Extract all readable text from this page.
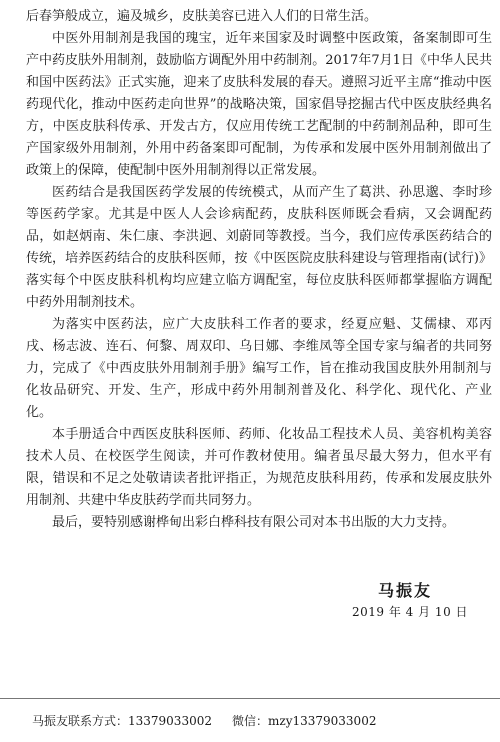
后春笋般成立，遍及城乡，皮肤美容已进入人们的日常生活。

中医外用制剂是我国的瑰宝，近年来国家及时调整中医政策，备案制即可生产中药皮肤外用制剂，鼓励临方调配外用中药制剂。2017年7月1日《中华人民共和国中医药法》正式实施，迎来了皮肤科发展的春天。遵照习近平主席“推动中医药现代化，推动中医药走向世界”的战略决策，国家倡导挖掘古代中医皮肤经典名方，中医皮肤科传承、开发古方，仅应用传统工艺配制的中药制剂品种，即可生产国家级外用制剂，外用中药备案即可配制，为传承和发展中医外用制剂做出了政策上的保障，使配制中医外用制剂得以正常发展。

医药结合是我国医药学发展的传统模式，从而产生了葛洪、孙思邈、李时珍等医药学家。尤其是中医人人会诊病配药，皮肤科医师既会看病，又会调配药品，如赵炳南、朱仁康、李洪迥、刘蔚同等教授。当今，我们应传承医药结合的传统，培养医药结合的皮肤科医师，按《中医医院皮肤科建设与管理指南(试行)》落实每个中医皮肤科机构均应建立临方调配室，每位皮肤科医师都掌握临方调配中药外用制剂技术。

为落实中医药法，应广大皮肤科工作者的要求，经夏应魁、艾儒棣、邓丙戌、杨志波、连石、何黎、周双印、乌日娜、李维凤等全国专家与编者的共同努力，完成了《中西皮肤外用制剂手册》编写工作，旨在推动我国皮肤外用制剂与化妆品研究、开发、生产，形成中药外用制剂普及化、科学化、现代化、产业化。

本手册适合中西医皮肤科医师、药师、化妆品工程技术人员、美容机构美容技术人员、在校医学生阅读，并可作教材使用。编者虽尽最大努力，但水平有限，错误和不足之处敬请读者批评指正，为规范皮肤科用药，传承和发展皮肤外用制剂、共建中华皮肤药学而共同努力。

最后，要特别感谢桦甸出彩白桦科技有限公司对本书出版的大力支持。

马振友
2019 年 4 月 10 日
马振友联系方式：13379033002 微信：mzy13379033002
